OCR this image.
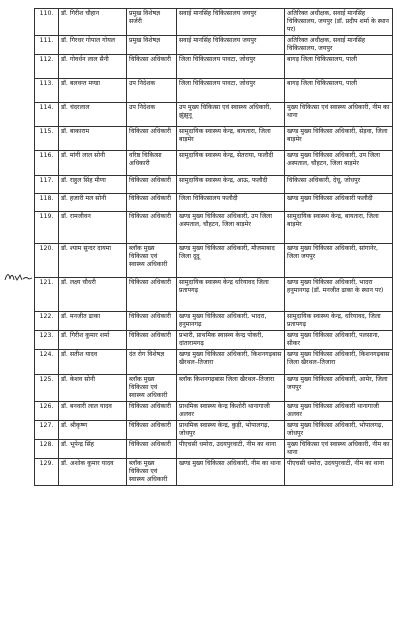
110.	डॉ. गिरीश चौहान	प्रमुख विशेषज्ञ सर्जरी	सवाई मानसिंह चिकित्सालय जयपुर	अतिरिक्त अधीक्षक, सवाई मानसिंह चिकित्सालय, जयपुर (डॉ. प्रदीप शर्मा के स्थान पर)
111.	डॉ. गिरधर गोपाल गोयल	प्रमुख विशेषज्ञ	सवाई मानसिंह चिकित्सालय जयपुर	अतिरिक्त अधीक्षक, सवाई मानसिंह चिकित्सालय, जयपुर
112.	डॉ. गोवर्धन लाल सैनी	चिकित्सा अधिकारी	जिला चिकित्सालय पावटा, जोधपुर	बागड़ जिला चिकित्सालय, पाली
113.	डॉ. बलवन्त मण्डा	उप निदेशक	जिला चिकित्सालय पावटा, जोधपुर	बागड़ जिला चिकित्सालय, पाली
114.	डॉ. चंदरलाल	उप निदेशक	उप मुख्य चिकित्सा एवं स्वास्थ्य अधिकारी, झुंझुनू	मुख्य चिकित्सा एवं स्वास्थ्य अधिकारी, नीम का थाना
115.	डॉ. बाकाराम	चिकित्सा अधिकारी	सामुदायिक स्वास्थ्य केन्द्र, बायतारा, जिला बाड़मेर	खण्ड मुख्य चिकित्सा अधिकारी, सेड़वा, जिला बाड़मेर
116.	डॉ. मांगी लाल सोनी	वरिष्ठ चिकित्सा अधिकारी	सामुदायिक स्वास्थ्य केन्द्र, सेतराया, फलौदी	खण्ड मुख्य चिकित्सा अधिकारी, उप जिला अस्पताल, चौहटन, जिला बाड़मेर
117.	डॉ. राहुल सिंह मीणा	चिकित्सा अधिकारी	सामुदायिक स्वास्थ्य केन्द्र, आऊ, फलौदी	चिकित्सा अधिकारी, देचू, जोधपुर
118.	डॉ. हजारी मल सोनी	चिकित्सा अधिकारी	जिला चिकित्सालय फलौदी	खण्ड मुख्य चिकित्सा अधिकारी फलौदी
119.	डॉ. रामजीवन	चिकित्सा अधिकारी	खण्ड मुख्य चिकित्सा अधिकारी, उप जिला अस्पताल, चौहटन, जिला बाड़मेर	सामुदायिक स्वास्थ्य केन्द्र, बायतारा, जिला बाड़मेर
120.	डॉ. श्याम सुन्दर दायमा	ब्लॉक मुख्य चिकित्सा एवं स्वास्थ्य अधिकारी	खण्ड मुख्य चिकित्सा अधिकारी, मौजमाबाद जिला दूदू	खण्ड मुख्य चिकित्सा अधिकारी, सांगानेर, जिला जयपुर
121.	डॉ. लक्ष्य चौधरी	चिकित्सा अधिकारी	सामुदायिक स्वास्थ्य केन्द्र धरियावद जिला प्रतापगढ़	खण्ड मुख्य चिकित्सा अधिकारी, भादरा हनुमानगढ़ (डॉ. मनजीत ढाका के स्थान पर)
122.	डॉ. मनजीत ढाका	चिकित्सा अधिकारी	खण्ड मुख्य चिकित्सा अधिकारी, भादरा, हनुमानगढ़	सामुदायिक स्वास्थ्य केन्द्र, धरियावद, जिला प्रतापगढ़
123.	डॉ. गिरीश कुमार शर्मा	चिकित्सा अधिकारी	प्रभारी, प्राथमिक स्वास्थ्य केन्द्र पोकरी, दांतारामगढ़	खण्ड मुख्य चिकित्सा अधिकारी, पलसाना, सीकर
124.	डॉ. सतीश यादव	दंत रोग विशेषज्ञ	खण्ड मुख्य चिकित्सा अधिकारी, किशनगढ़बास खैरथल–तिजारा	खण्ड मुख्य चिकित्सा अधिकारी, किशनगढ़बास जिला खैरथल–तिजारा
125.	डॉ. केशव सोनी	ब्लॉक मुख्य चिकित्सा एवं स्वास्थ्य अधिकारी	ब्लॉक किशनगढ़बास जिला खैरथल–तिजारा	खण्ड मुख्य चिकित्सा अधिकारी, आमेर, जिला जयपुर
126.	डॉ. बनवारी लाल यादव	चिकित्सा अधिकारी	प्राथमिक स्वास्थ्य केन्द्र किशोरी थानागाजी अलवर	खण्ड मुख्य चिकित्सा अधिकारी थानागाजी अलवर
127.	डॉ. श्रीकृष्ण	चिकित्सा अधिकारी	प्राथमिक स्वास्थ्य केन्द्र, कुड़ी, भोपालगढ़, जोधपुर	खण्ड मुख्य चिकित्सा अधिकारी, भोपालगढ़, जोधपुर
128.	डॉ. भूपेन्द्र सिंह	चिकित्सा अधिकारी	पीएचसी धमोरा, उदयपुरवाटी, नीम का थाना	मुख्य चिकित्सा एवं स्वास्थ्य अधिकारी, नीम का थाना
129.	डॉ. अशोक कुमार यादव	ब्लॉक मुख्य चिकित्सा एवं स्वास्थ्य अधिकारी	खण्ड मुख्य चिकित्सा अधिकारी, नीम का थाना	पीएचसी धमोरा, उदयपुरवाटी, नीम का थाना
